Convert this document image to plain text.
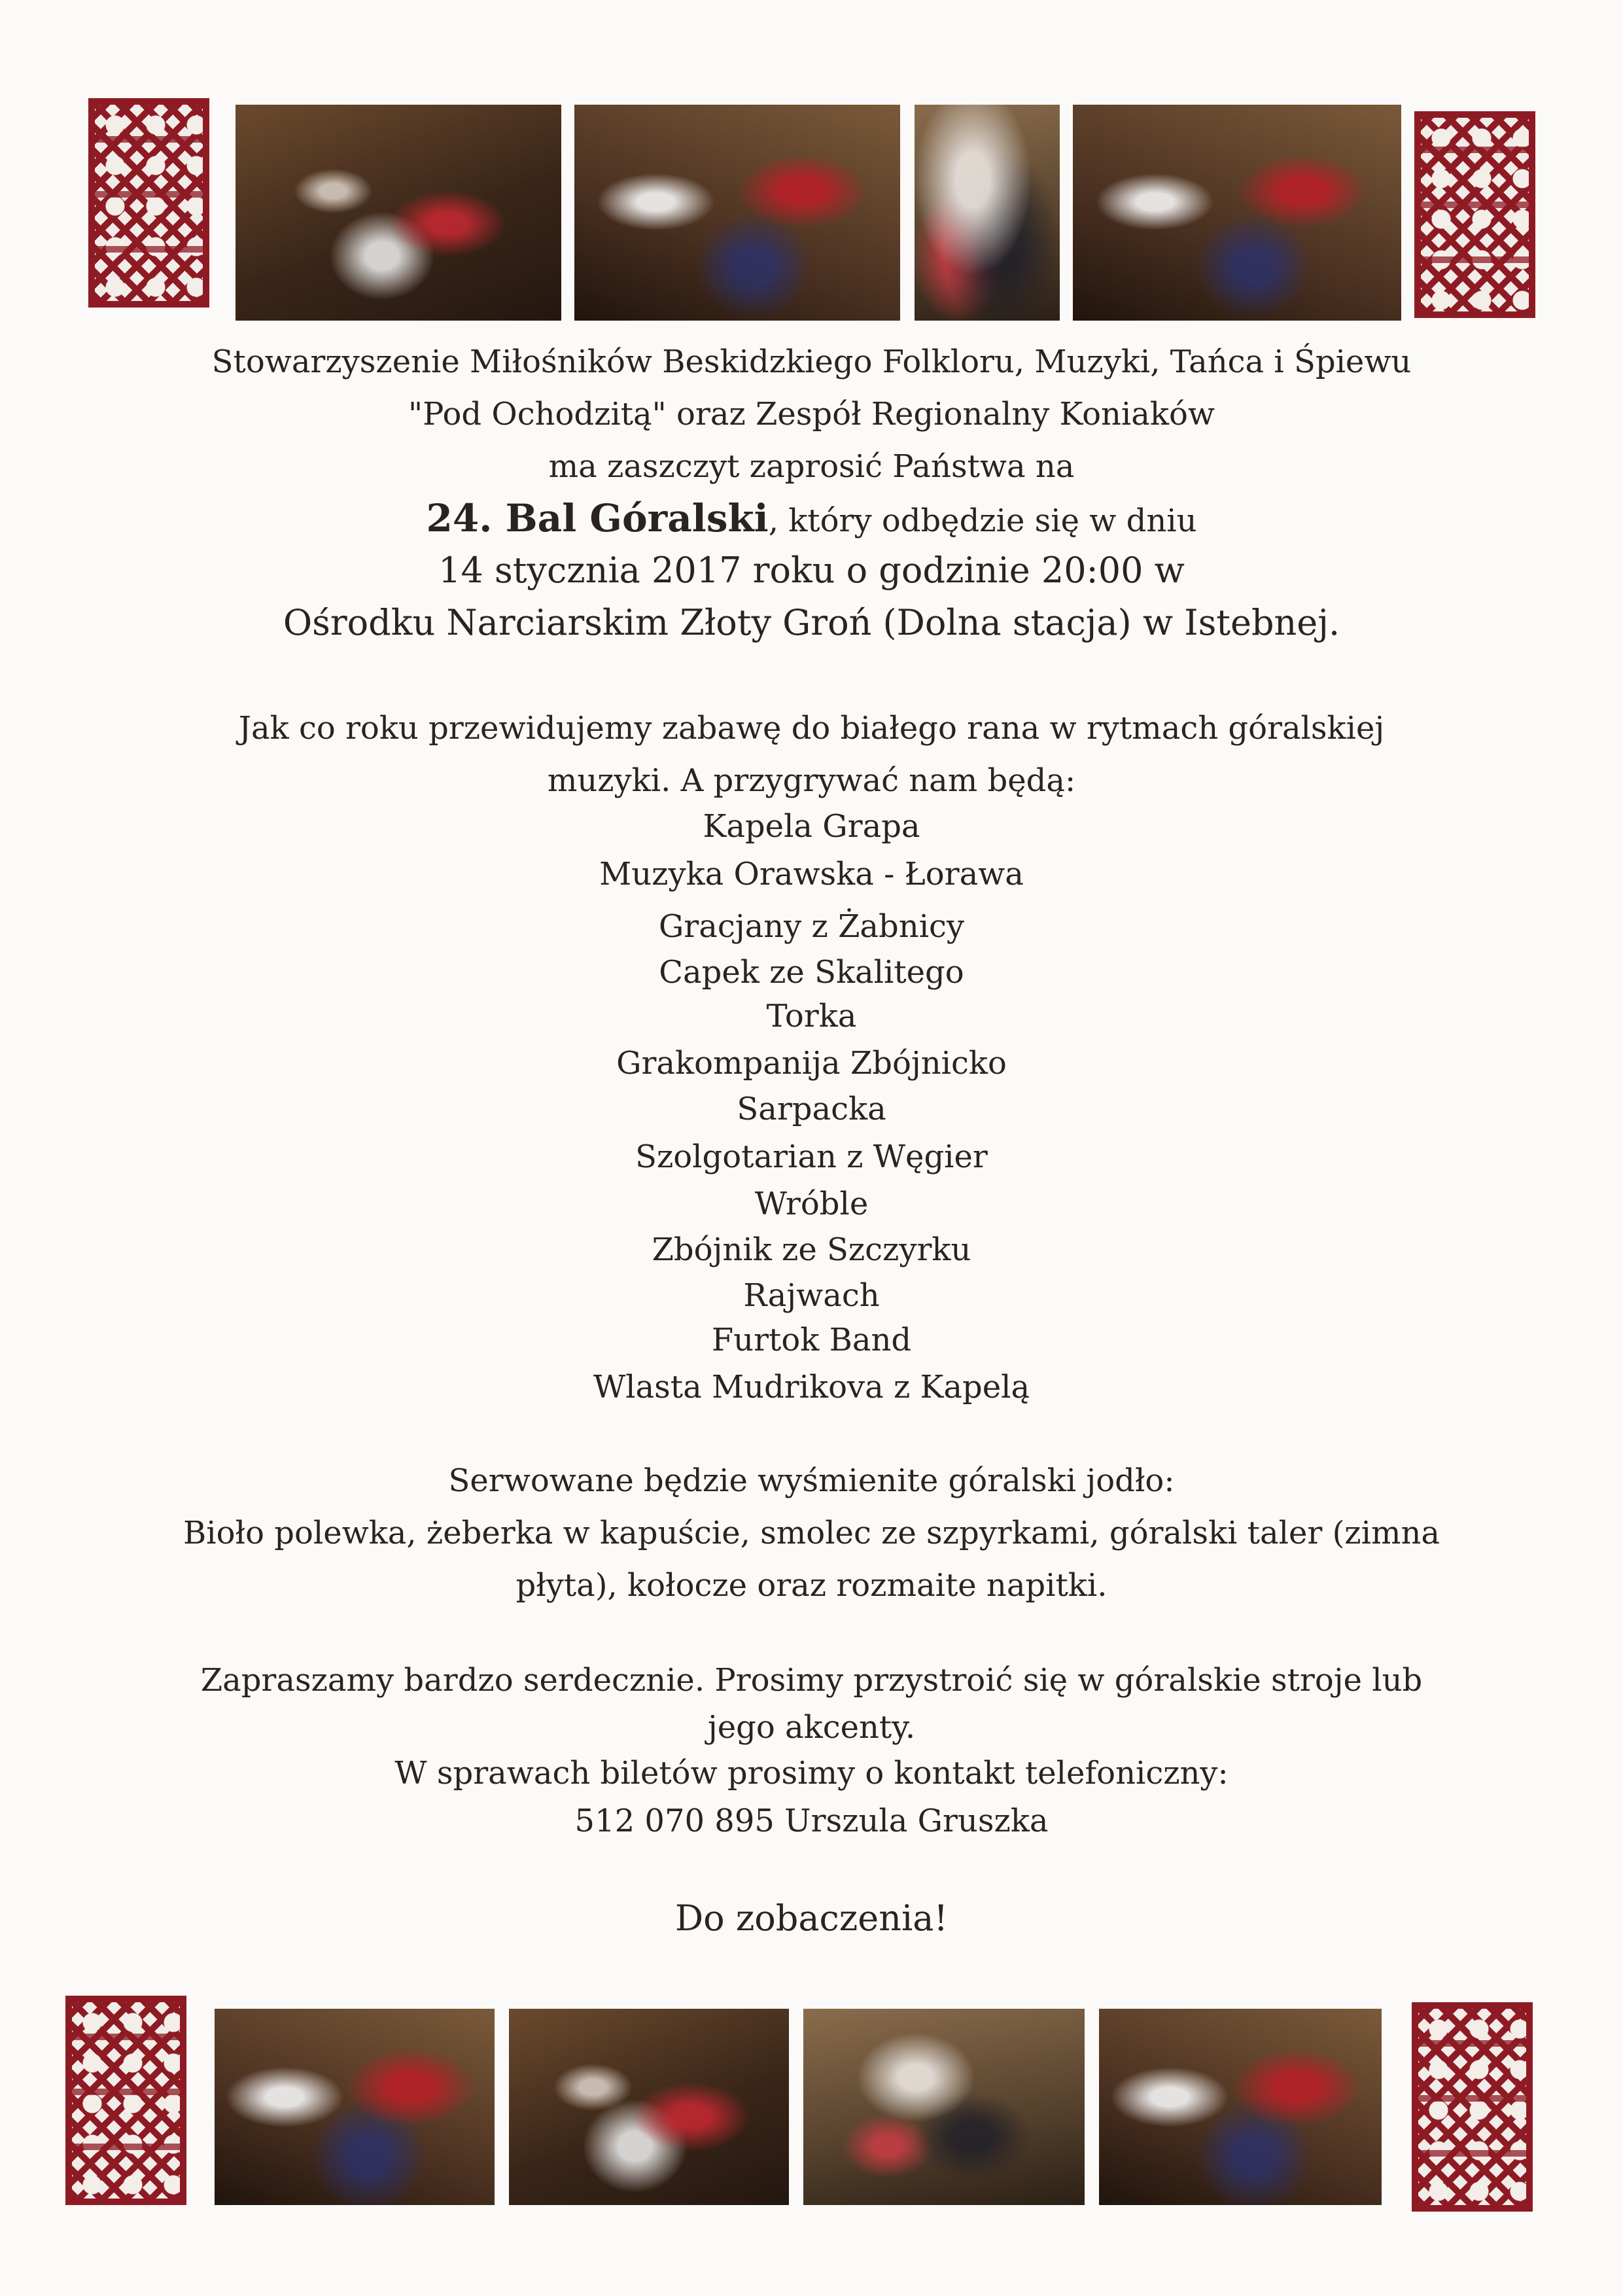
Stowarzyszenie Miłośników Beskidzkiego Folkloru, Muzyki, Tańca i Śpiewu
"Pod Ochodzitą" oraz Zespół Regionalny Koniaków
ma zaszczyt zaprosić Państwa na
24. Bal Góralski, który odbędzie się w dniu
14 stycznia 2017 roku o godzinie 20:00 w
Ośrodku Narciarskim Złoty Groń (Dolna stacja) w Istebnej.
Jak co roku przewidujemy zabawę do białego rana w rytmach góralskiej
muzyki. A przygrywać nam będą:
Kapela Grapa
Muzyka Orawska - Łorawa
Gracjany z Żabnicy
Capek ze Skalitego
Torka
Grakompanija Zbójnicko
Sarpacka
Szolgotarian z Węgier
Wróble
Zbójnik ze Szczyrku
Rajwach
Furtok Band
Wlasta Mudrikova z Kapelą
Serwowane będzie wyśmienite góralski jodło:
Bioło polewka, żeberka w kapuście, smolec ze szpyrkami, góralski taler (zimna
płyta), kołocze oraz rozmaite napitki.
Zapraszamy bardzo serdecznie. Prosimy przystroić się w góralskie stroje lub
jego akcenty.
W sprawach biletów prosimy o kontakt telefoniczny:
512 070 895 Urszula Gruszka
Do zobaczenia!
